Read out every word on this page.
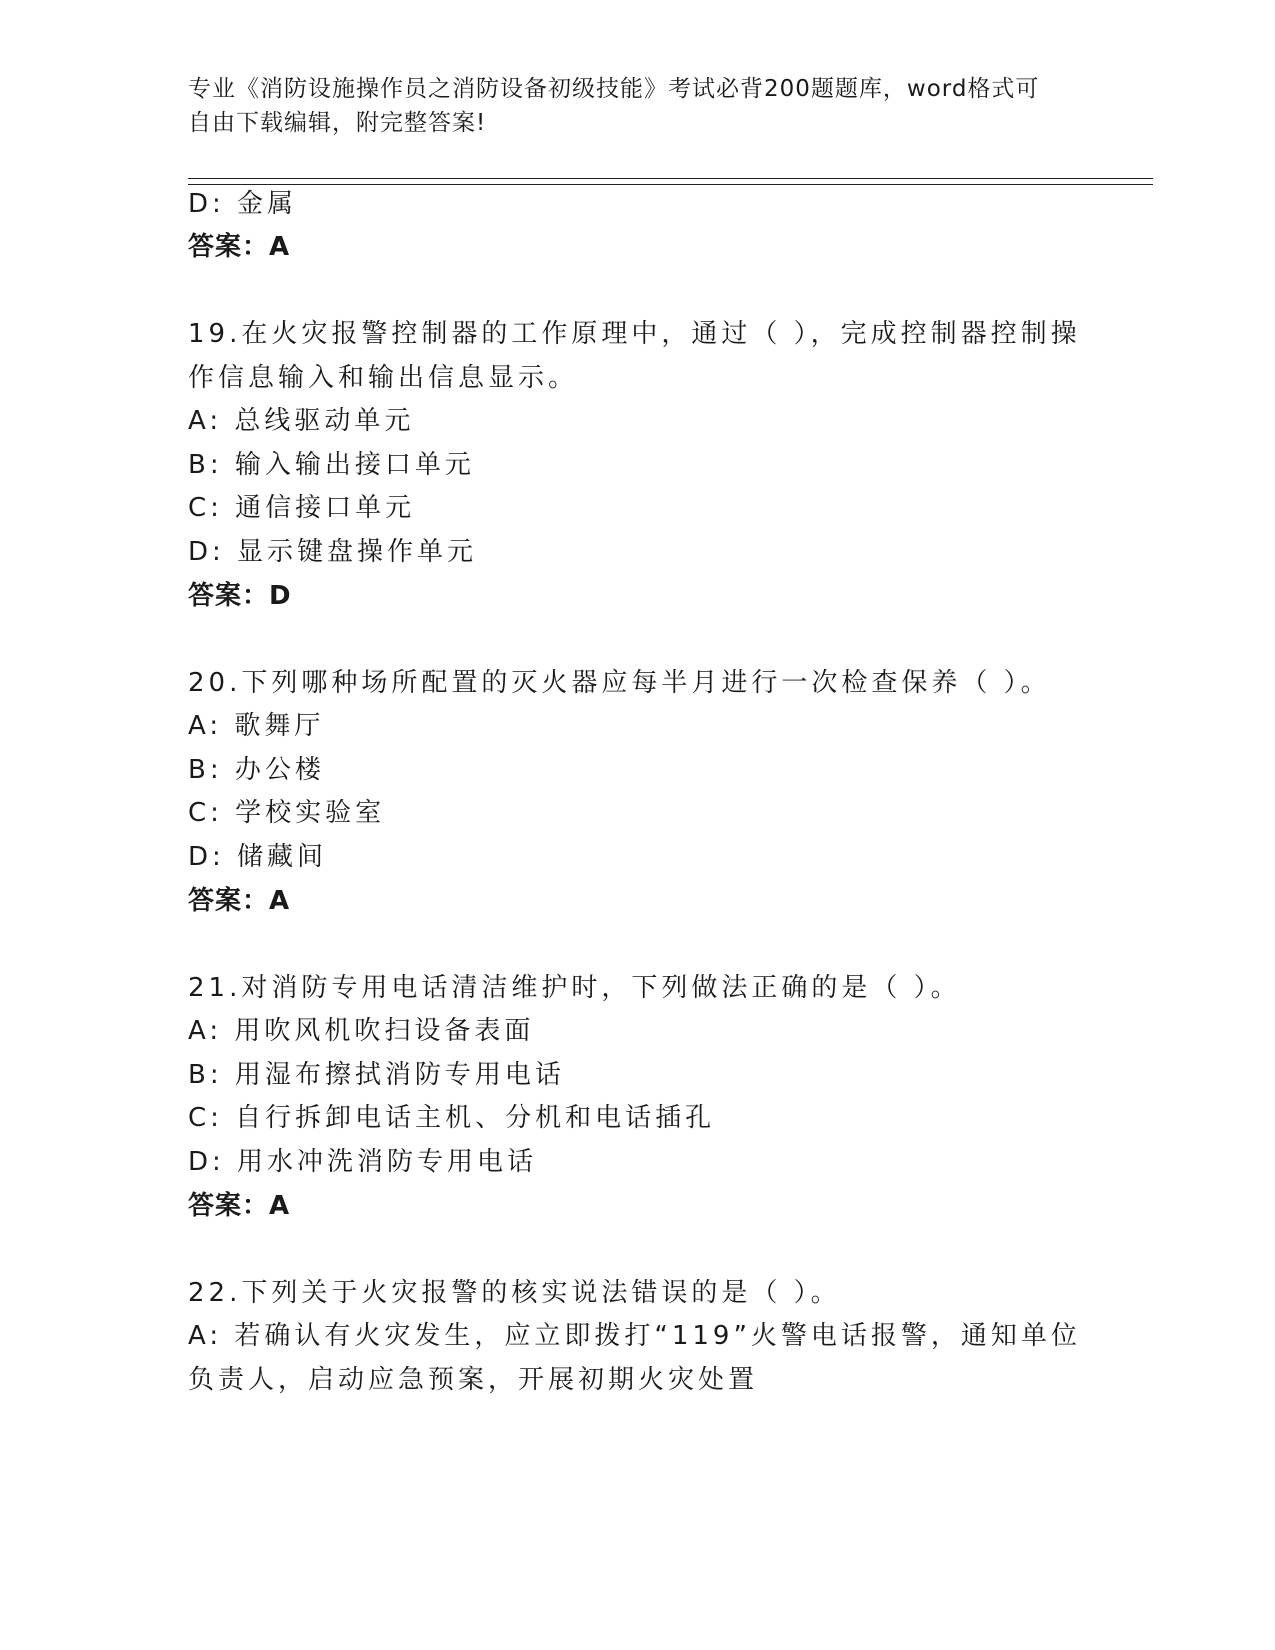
专业《消防设施操作员之消防设备初级技能》考试必背200题题库，word格式可
自由下载编辑，附完整答案!
D: 金属
答案：A
19.在火灾报警控制器的工作原理中，通过（ ），完成控制器控制操
作信息输入和输出信息显示。
A: 总线驱动单元
B: 输入输出接口单元
C: 通信接口单元
D: 显示键盘操作单元
答案：D
20.下列哪种场所配置的灭火器应每半月进行一次检查保养（ ）。
A: 歌舞厅
B: 办公楼
C: 学校实验室
D: 储藏间
答案：A
21.对消防专用电话清洁维护时，下列做法正确的是（ ）。
A: 用吹风机吹扫设备表面
B: 用湿布擦拭消防专用电话
C: 自行拆卸电话主机、分机和电话插孔
D: 用水冲洗消防专用电话
答案：A
22.下列关于火灾报警的核实说法错误的是（ ）。
A: 若确认有火灾发生，应立即拨打“119”火警电话报警，通知单位
负责人，启动应急预案，开展初期火灾处置
